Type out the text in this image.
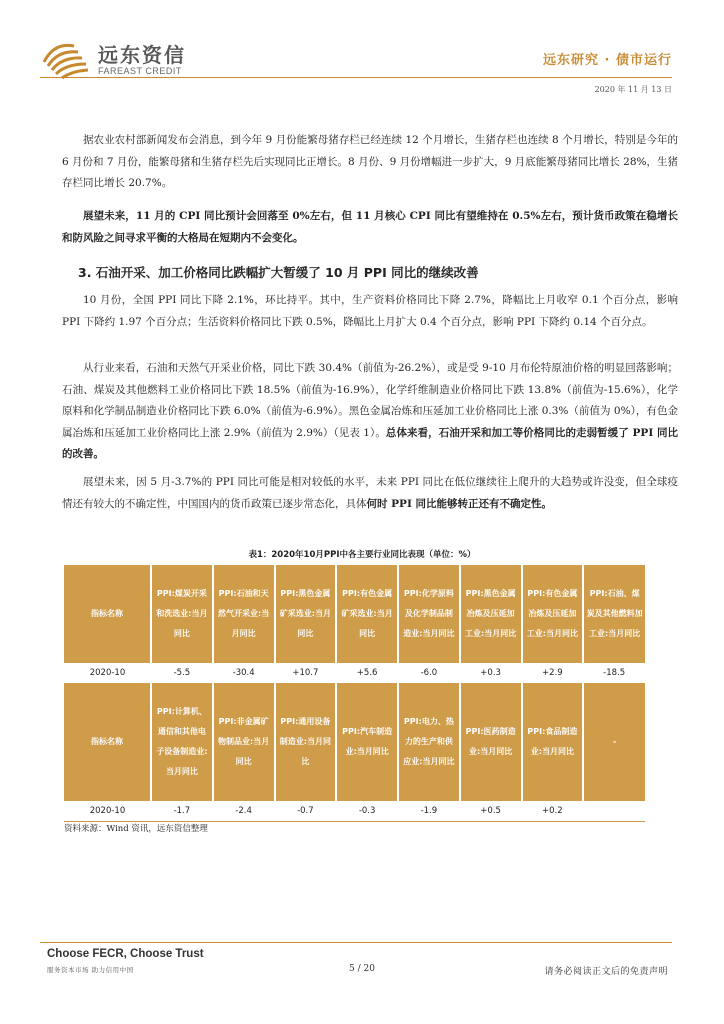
远东资信
FAREAST CREDIT
远东研究 · 债市运行
2020 年 11 月 13 日

据农业农村部新闻发布会消息，到今年 9 月份能繁母猪存栏已经连续 12 个月增长，生猪存栏也连续 8 个月增长，特别是今年的 6 月份和 7 月份，能繁母猪和生猪存栏先后实现同比正增长。8 月份、9 月份增幅进一步扩大，9 月底能繁母猪同比增长 28%，生猪存栏同比增长 20.7%。

展望未来，11 月的 CPI 同比预计会回落至 0%左右，但 11 月核心 CPI 同比有望维持在 0.5%左右，预计货币政策在稳增长和防风险之间寻求平衡的大格局在短期内不会变化。

3. 石油开采、加工价格同比跌幅扩大暂缓了 10 月 PPI 同比的继续改善

10 月份，全国 PPI 同比下降 2.1%，环比持平。其中，生产资料价格同比下降 2.7%，降幅比上月收窄 0.1 个百分点，影响 PPI 下降约 1.97 个百分点；生活资料价格同比下跌 0.5%，降幅比上月扩大 0.4 个百分点，影响 PPI 下降约 0.14 个百分点。

从行业来看，石油和天然气开采业价格，同比下跌 30.4%（前值为-26.2%），或是受 9-10 月布伦特原油价格的明显回落影响；石油、煤炭及其他燃料工业价格同比下跌 18.5%（前值为-16.9%），化学纤维制造业价格同比下跌 13.8%（前值为-15.6%），化学原料和化学制品制造业价格同比下跌 6.0%（前值为-6.9%）。黑色金属冶炼和压延加工业价格同比上涨 0.3%（前值为 0%），有色金属冶炼和压延加工业价格同比上涨 2.9%（前值为 2.9%）（见表 1）。总体来看，石油开采和加工等价格同比的走弱暂缓了 PPI 同比的改善。

展望未来，因 5 月-3.7%的 PPI 同比可能是相对较低的水平，未来 PPI 同比在低位继续往上爬升的大趋势或许没变，但全球疫情还有较大的不确定性，中国国内的货币政策已逐步常态化，具体何时 PPI 同比能够转正还有不确定性。

表1：2020年10月PPI中各主要行业同比表现（单位：%）
指标名称	PPI:煤炭开采和洗选业:当月同比	PPI:石油和天然气开采业:当月同比	PPI:黑色金属矿采选业:当月同比	PPI:有色金属矿采选业:当月同比	PPI:化学原料及化学制品制造业:当月同比	PPI:黑色金属冶炼及压延加工业:当月同比	PPI:有色金属冶炼及压延加工业:当月同比	PPI:石油、煤炭及其他燃料加工业:当月同比
2020-10	-5.5	-30.4	+10.7	+5.6	-6.0	+0.3	+2.9	-18.5
指标名称	PPI:计算机、通信和其他电子设备制造业:当月同比	PPI:非金属矿物制品业:当月同比	PPI:通用设备制造业:当月同比	PPI:汽车制造业:当月同比	PPI:电力、热力的生产和供应业:当月同比	PPI:医药制造业:当月同比	PPI:食品制造业:当月同比	-
2020-10	-1.7	-2.4	-0.7	-0.3	-1.9	+0.5	+0.2	
资料来源：Wind 资讯，远东资信整理
Choose FECR, Choose Trust
服务资本市场 助力信用中国	5 / 20	请务必阅读正文后的免责声明
